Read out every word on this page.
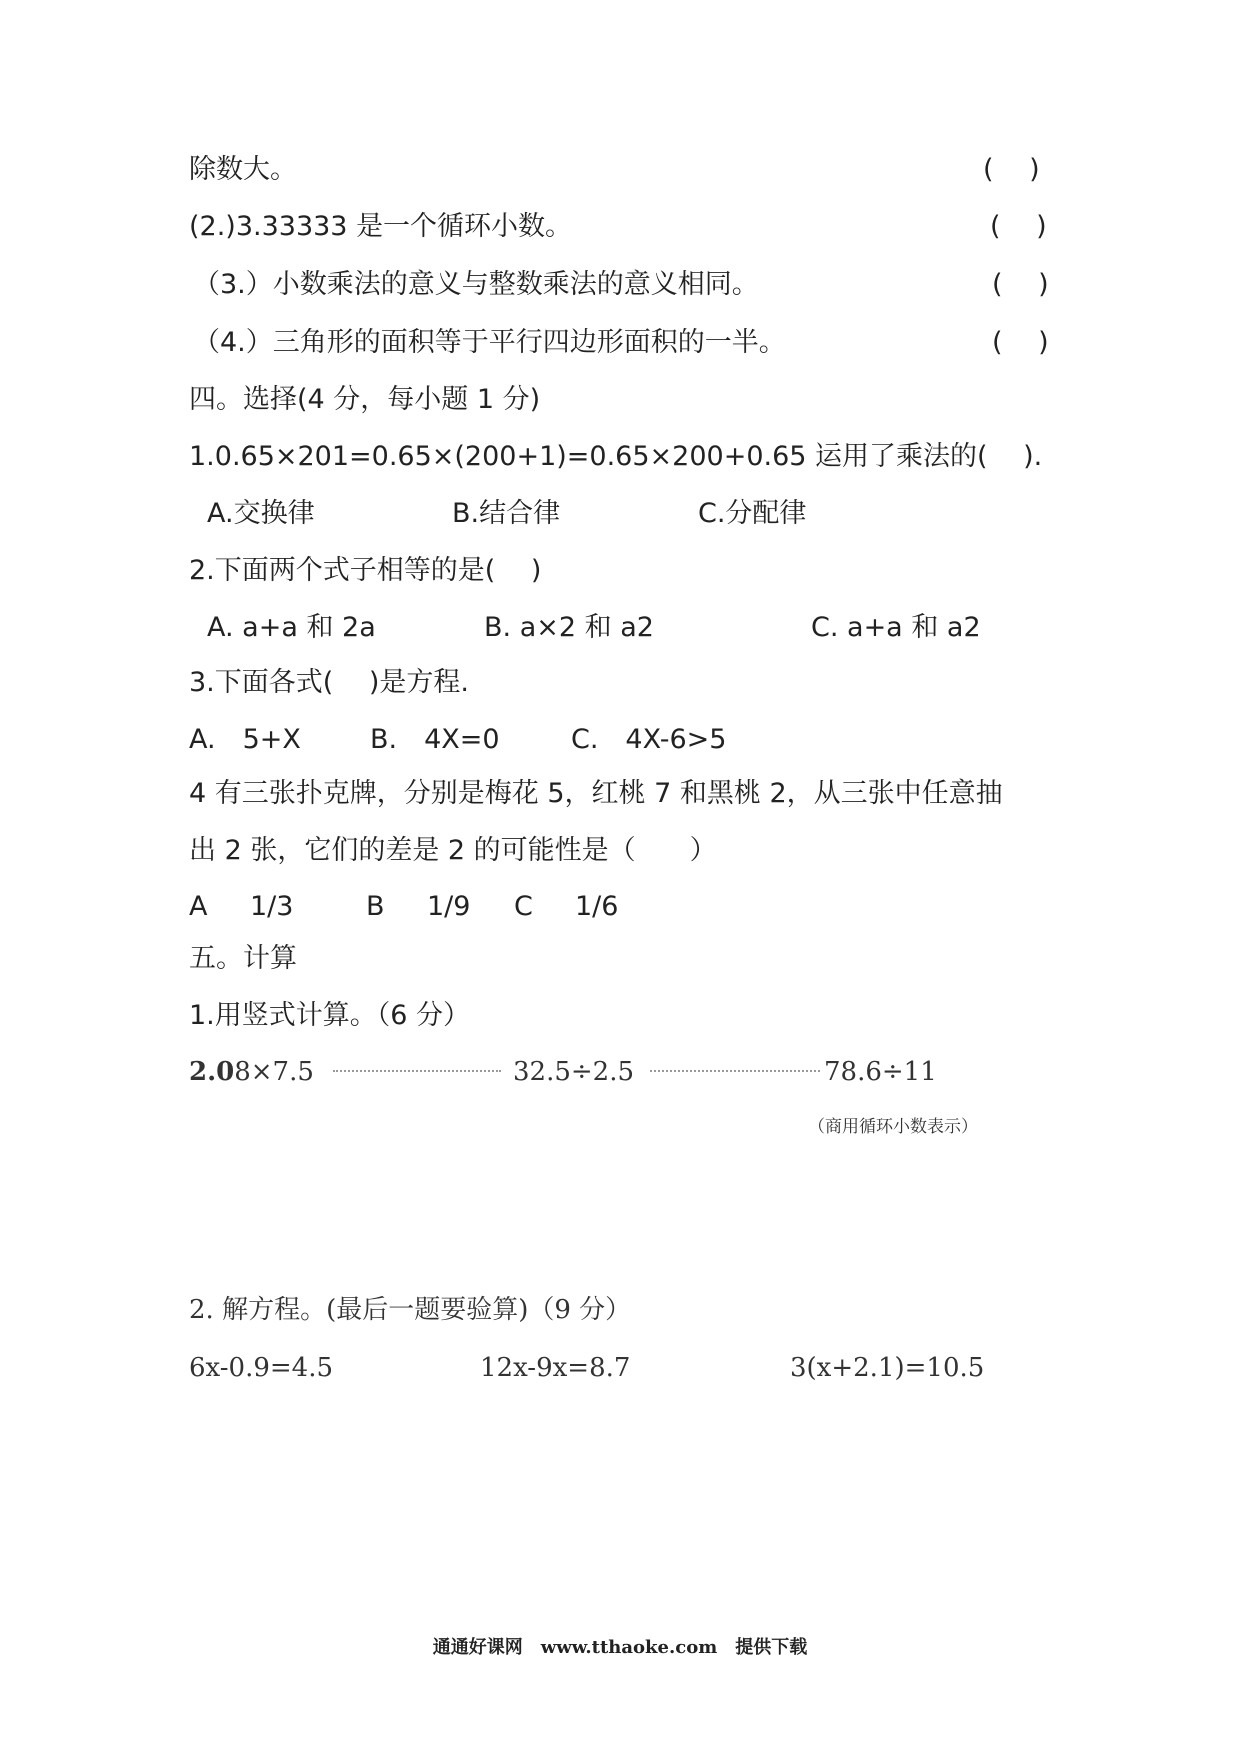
除数大。	(　 )
(2.)3.33333 是一个循环小数。	(　 )
（3.）小数乘法的意义与整数乘法的意义相同。	(　 )
（4.）三角形的面积等于平行四边形面积的一半。	(　 )
四。选择(4 分，每小题 1 分)
1.0.65×201=0.65×(200+1)=0.65×200+0.65 运用了乘法的(　 ).
A.交换律	B.结合律	C.分配律
2.下面两个式子相等的是(　 )
A. a+a 和 2a	B. a×2 和 a2	C. a+a 和 a2
3.下面各式(　 )是方程.
A.　5+X	B.　4X=0	C.　4X-6>5
4 有三张扑克牌，分别是梅花 5，红桃 7 和黑桃 2，从三张中任意抽
出 2 张，它们的差是 2 的可能性是（　　）
A 1/3	B 1/9 C 1/6
五。计算
1.用竖式计算。（6 分）
2.08×7.5	32.5÷2.5	78.6÷11
（商用循环小数表示）
2. 解方程。(最后一题要验算)（9 分）
6x-0.9=4.5	12x-9x=8.7	3(x+2.1)=10.5
通通好课网　www.tthaoke.com　提供下载
